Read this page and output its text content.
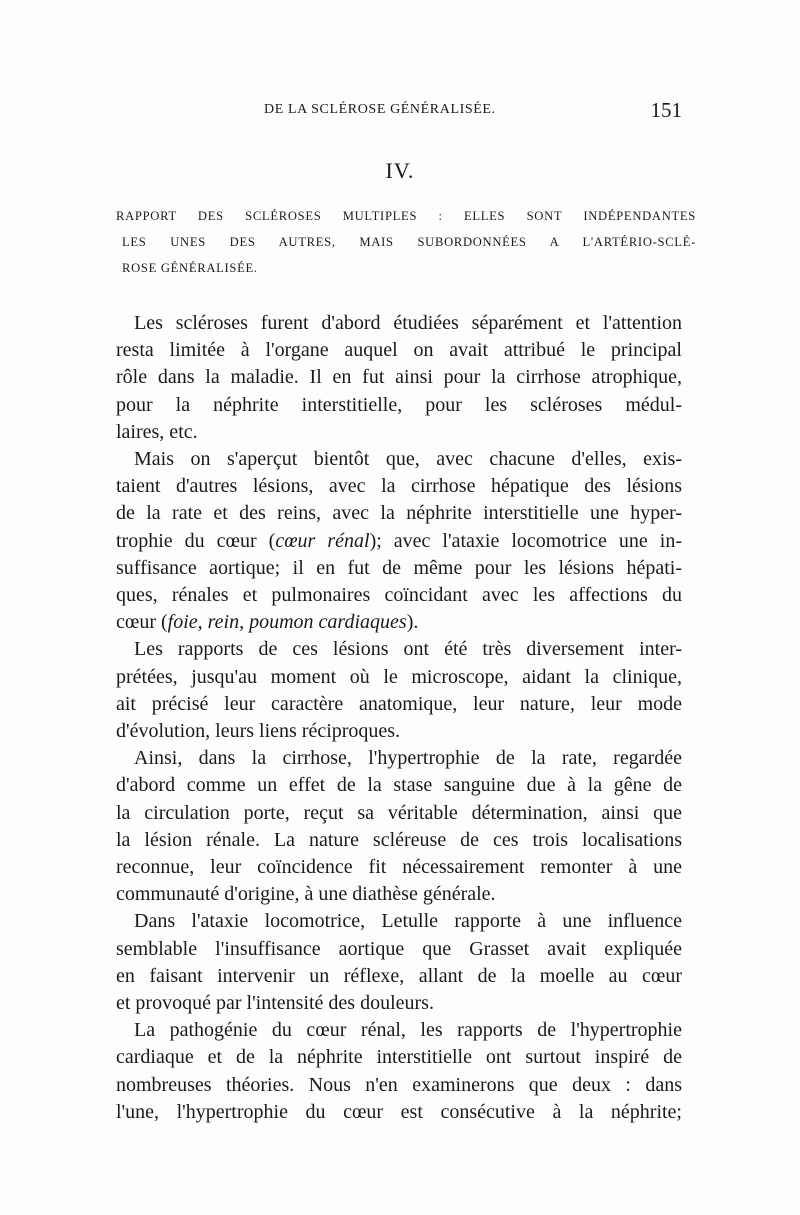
DE LA SCLÉROSE GÉNÉRALISÉE.	151
IV.
RAPPORT DES SCLÉROSES MULTIPLES : ELLES SONT INDÉPENDANTES
LES UNES DES AUTRES, MAIS SUBORDONNÉES A L'ARTÉRIO-SCLÉ-
ROSE GÉNÉRALISÉE.
Les scléroses furent d'abord étudiées séparément et l'attention
resta limitée à l'organe auquel on avait attribué le principal
rôle dans la maladie. Il en fut ainsi pour la cirrhose atrophique,
pour la néphrite interstitielle, pour les scléroses médul-
laires, etc.
Mais on s'aperçut bientôt que, avec chacune d'elles, exis-
taient d'autres lésions, avec la cirrhose hépatique des lésions
de la rate et des reins, avec la néphrite interstitielle une hyper-
trophie du cœur (cœur rénal); avec l'ataxie locomotrice une in-
suffisance aortique; il en fut de même pour les lésions hépati-
ques, rénales et pulmonaires coïncidant avec les affections du
cœur (foie, rein, poumon cardiaques).
Les rapports de ces lésions ont été très diversement inter-
prétées, jusqu'au moment où le microscope, aidant la clinique,
ait précisé leur caractère anatomique, leur nature, leur mode
d'évolution, leurs liens réciproques.
Ainsi, dans la cirrhose, l'hypertrophie de la rate, regardée
d'abord comme un effet de la stase sanguine due à la gêne de
la circulation porte, reçut sa véritable détermination, ainsi que
la lésion rénale. La nature scléreuse de ces trois localisations
reconnue, leur coïncidence fit nécessairement remonter à une
communauté d'origine, à une diathèse générale.
Dans l'ataxie locomotrice, Letulle rapporte à une influence
semblable l'insuffisance aortique que Grasset avait expliquée
en faisant intervenir un réflexe, allant de la moelle au cœur
et provoqué par l'intensité des douleurs.
La pathogénie du cœur rénal, les rapports de l'hypertrophie
cardiaque et de la néphrite interstitielle ont surtout inspiré de
nombreuses théories. Nous n'en examinerons que deux : dans
l'une, l'hypertrophie du cœur est consécutive à la néphrite;
